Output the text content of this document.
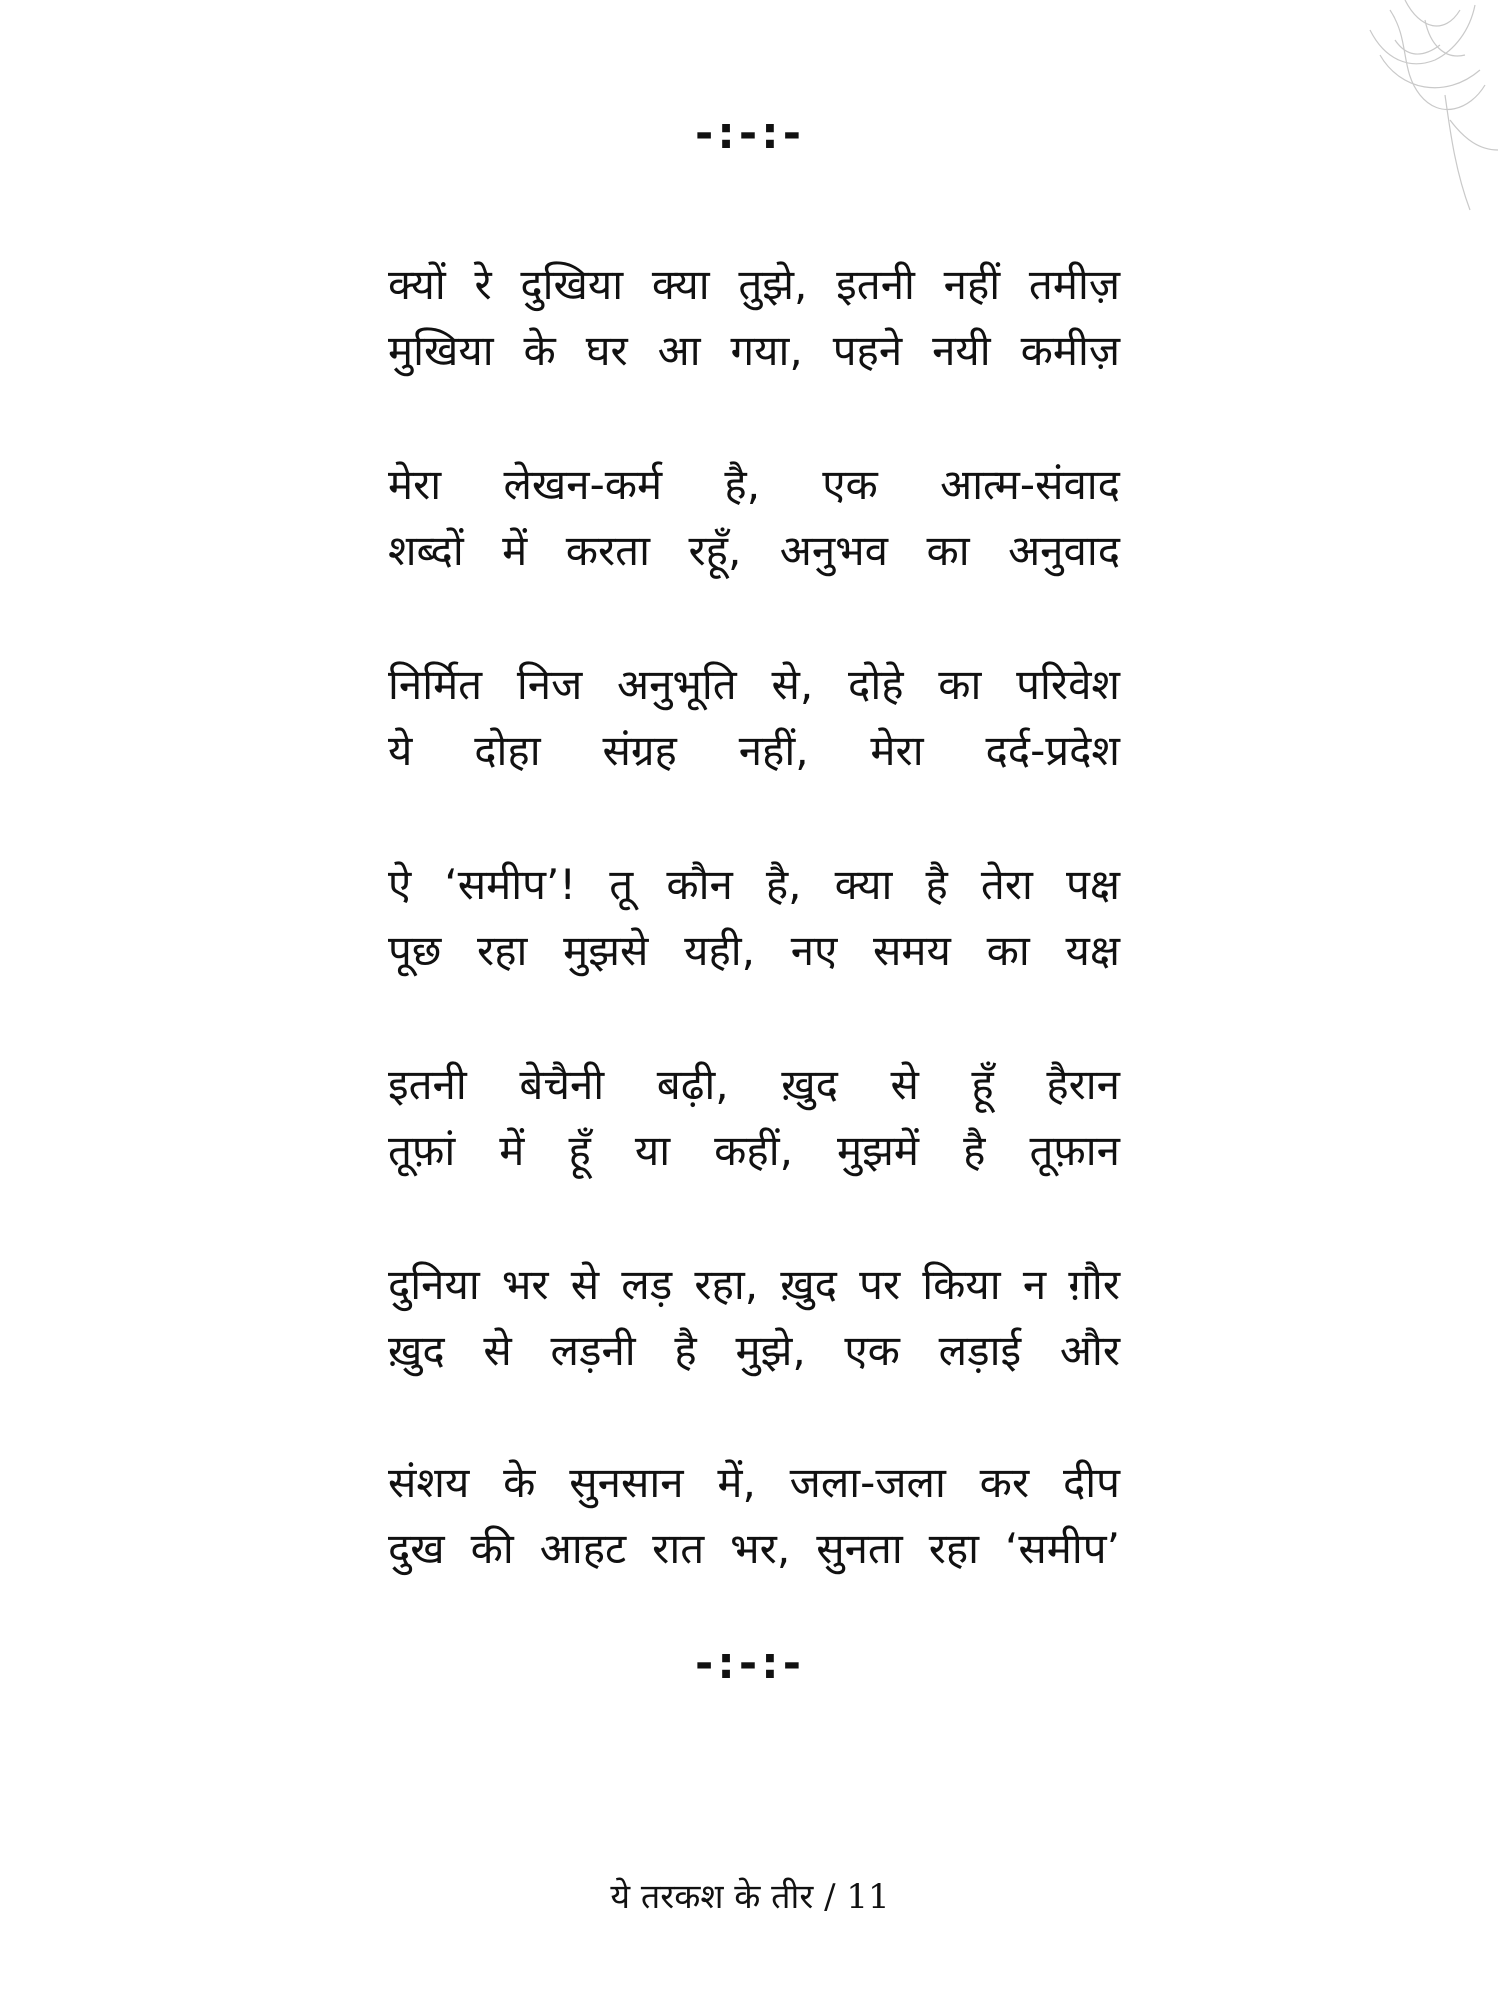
-:-:-
क्यों रे दुखिया क्या तुझे, इतनी नहीं तमीज़
मुखिया के घर आ गया, पहने नयी कमीज़
मेरा लेखन-कर्म है, एक आत्म-संवाद
शब्दों में करता रहूँ, अनुभव का अनुवाद
निर्मित निज अनुभूति से, दोहे का परिवेश
ये दोहा संग्रह नहीं, मेरा दर्द-प्रदेश
ऐ ‘समीप’! तू कौन है, क्या है तेरा पक्ष
पूछ रहा मुझसे यही, नए समय का यक्ष
इतनी बेचैनी बढ़ी, ख़ुद से हूँ हैरान
तूफ़ां में हूँ या कहीं, मुझमें है तूफ़ान
दुनिया भर से लड़ रहा, ख़ुद पर किया न ग़ौर
ख़ुद से लड़नी है मुझे, एक लड़ाई और
संशय के सुनसान में, जला-जला कर दीप
दुख की आहट रात भर, सुनता रहा ‘समीप’
-:-:-
ये तरकश के तीर / 11
